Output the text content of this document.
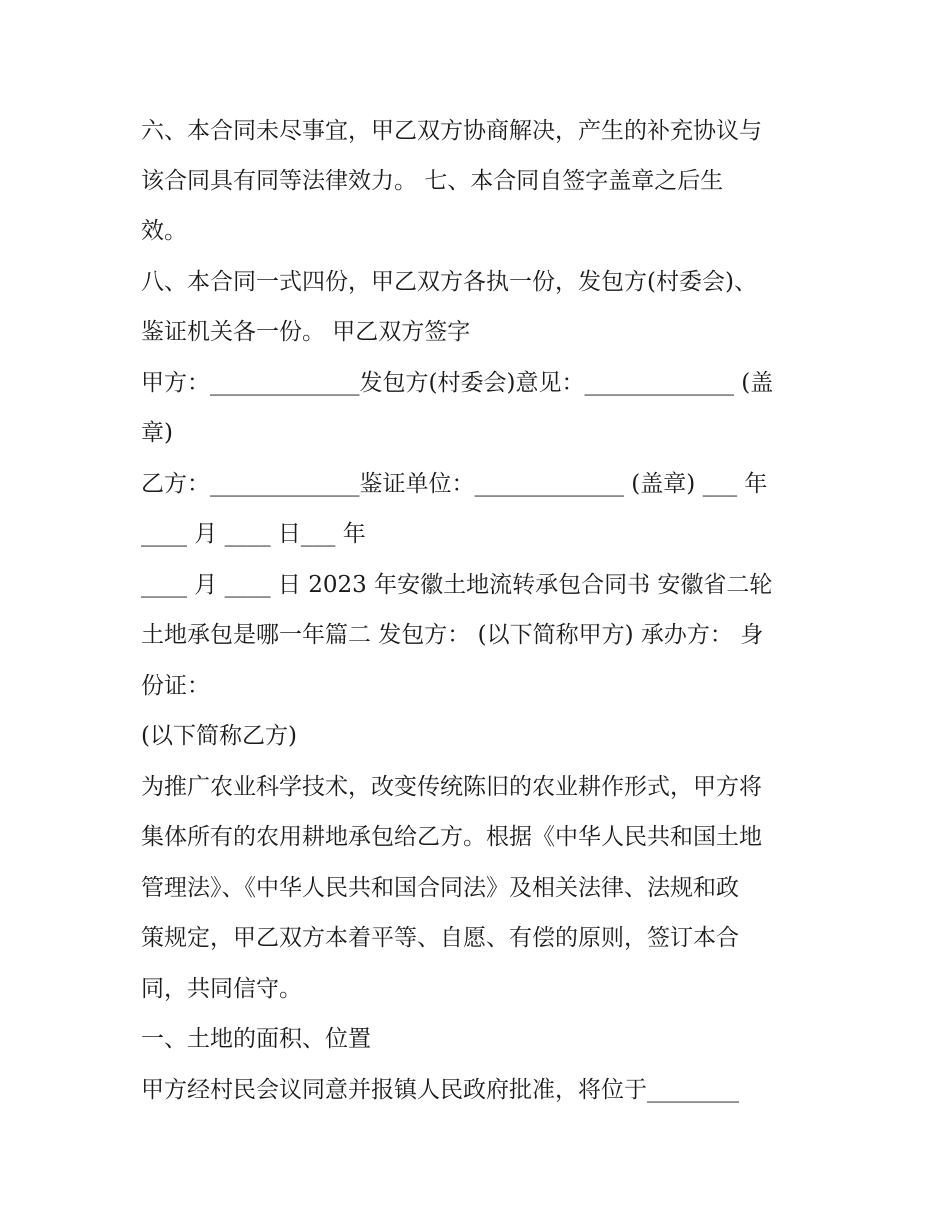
六、本合同未尽事宜，甲乙双方协商解决，产生的补充协议与
该合同具有同等法律效力。 七、本合同自签字盖章之后生
效。
八、本合同一式四份，甲乙双方各执一份，发包方(村委会)、
鉴证机关各一份。 甲乙双方签字
甲方：_____________发包方(村委会)意见：_____________ (盖
章)
乙方：_____________鉴证单位：_____________ (盖章) ___ 年
____ 月 ____ 日___ 年
____ 月 ____ 日 2023 年安徽土地流转承包合同书 安徽省二轮
土地承包是哪一年篇二 发包方： (以下简称甲方) 承办方： 身
份证：
(以下简称乙方)
为推广农业科学技术，改变传统陈旧的农业耕作形式，甲方将
集体所有的农用耕地承包给乙方。根据《中华人民共和国土地
管理法》、《中华人民共和国合同法》及相关法律、法规和政
策规定，甲乙双方本着平等、自愿、有偿的原则，签订本合
同，共同信守。
一、土地的面积、位置
甲方经村民会议同意并报镇人民政府批准，将位于________
